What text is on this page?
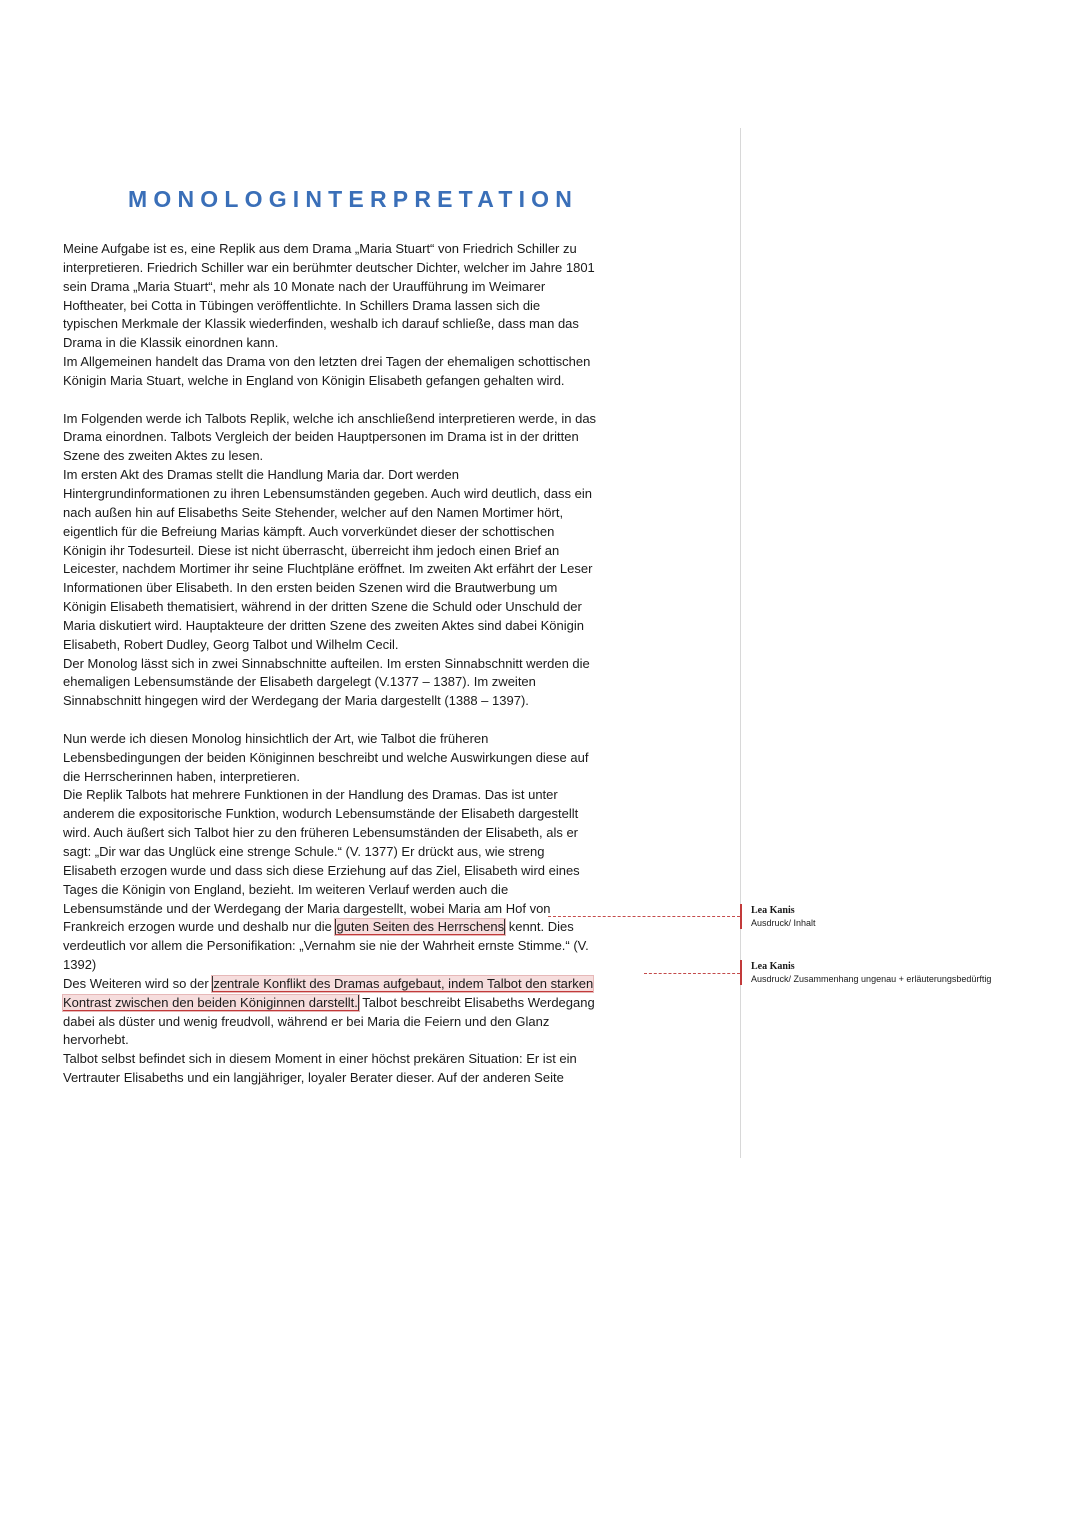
MONOLOGINTERPRETATION
Meine Aufgabe ist es, eine Replik aus dem Drama „Maria Stuart“ von Friedrich Schiller zu
interpretieren. Friedrich Schiller war ein berühmter deutscher Dichter, welcher im Jahre 1801
sein Drama „Maria Stuart“, mehr als 10 Monate nach der Uraufführung im Weimarer
Hoftheater, bei Cotta in Tübingen veröffentlichte. In Schillers Drama lassen sich die
typischen Merkmale der Klassik wiederfinden, weshalb ich darauf schließe, dass man das
Drama in die Klassik einordnen kann.
Im Allgemeinen handelt das Drama von den letzten drei Tagen der ehemaligen schottischen
Königin Maria Stuart, welche in England von Königin Elisabeth gefangen gehalten wird.
Im Folgenden werde ich Talbots Replik, welche ich anschließend interpretieren werde, in das
Drama einordnen. Talbots Vergleich der beiden Hauptpersonen im Drama ist in der dritten
Szene des zweiten Aktes zu lesen.
Im ersten Akt des Dramas stellt die Handlung Maria dar. Dort werden
Hintergrundinformationen zu ihren Lebensumständen gegeben. Auch wird deutlich, dass ein
nach außen hin auf Elisabeths Seite Stehender, welcher auf den Namen Mortimer hört,
eigentlich für die Befreiung Marias kämpft. Auch vorverkündet dieser der schottischen
Königin ihr Todesurteil. Diese ist nicht überrascht, überreicht ihm jedoch einen Brief an
Leicester, nachdem Mortimer ihr seine Fluchtpläne eröffnet. Im zweiten Akt erfährt der Leser
Informationen über Elisabeth. In den ersten beiden Szenen wird die Brautwerbung um
Königin Elisabeth thematisiert, während in der dritten Szene die Schuld oder Unschuld der
Maria diskutiert wird. Hauptakteure der dritten Szene des zweiten Aktes sind dabei Königin
Elisabeth, Robert Dudley, Georg Talbot und Wilhelm Cecil.
Der Monolog lässt sich in zwei Sinnabschnitte aufteilen. Im ersten Sinnabschnitt werden die
ehemaligen Lebensumstände der Elisabeth dargelegt (V.1377 – 1387). Im zweiten
Sinnabschnitt hingegen wird der Werdegang der Maria dargestellt (1388 – 1397).
Nun werde ich diesen Monolog hinsichtlich der Art, wie Talbot die früheren
Lebensbedingungen der beiden Königinnen beschreibt und welche Auswirkungen diese auf
die Herrscherinnen haben, interpretieren.
Die Replik Talbots hat mehrere Funktionen in der Handlung des Dramas. Das ist unter
anderem die expositorische Funktion, wodurch Lebensumstände der Elisabeth dargestellt
wird. Auch äußert sich Talbot hier zu den früheren Lebensumständen der Elisabeth, als er
sagt: „Dir war das Unglück eine strenge Schule.“ (V. 1377) Er drückt aus, wie streng
Elisabeth erzogen wurde und dass sich diese Erziehung auf das Ziel, Elisabeth wird eines
Tages die Königin von England, bezieht. Im weiteren Verlauf werden auch die
Lebensumstände und der Werdegang der Maria dargestellt, wobei Maria am Hof von
Frankreich erzogen wurde und deshalb nur die guten Seiten des Herrschens kennt. Dies
verdeutlich vor allem die Personifikation: „Vernahm sie nie der Wahrheit ernste Stimme.“ (V.
1392)
Des Weiteren wird so der zentrale Konflikt des Dramas aufgebaut, indem Talbot den starken
Kontrast zwischen den beiden Königinnen darstellt. Talbot beschreibt Elisabeths Werdegang
dabei als düster und wenig freudvoll, während er bei Maria die Feiern und den Glanz
hervorhebt.
Talbot selbst befindet sich in diesem Moment in einer höchst prekären Situation: Er ist ein
Vertrauter Elisabeths und ein langjähriger, loyaler Berater dieser. Auf der anderen Seite
Lea Kanis
Ausdruck/ Inhalt
Lea Kanis
Ausdruck/ Zusammenhang ungenau + erläuterungsbedürftig
